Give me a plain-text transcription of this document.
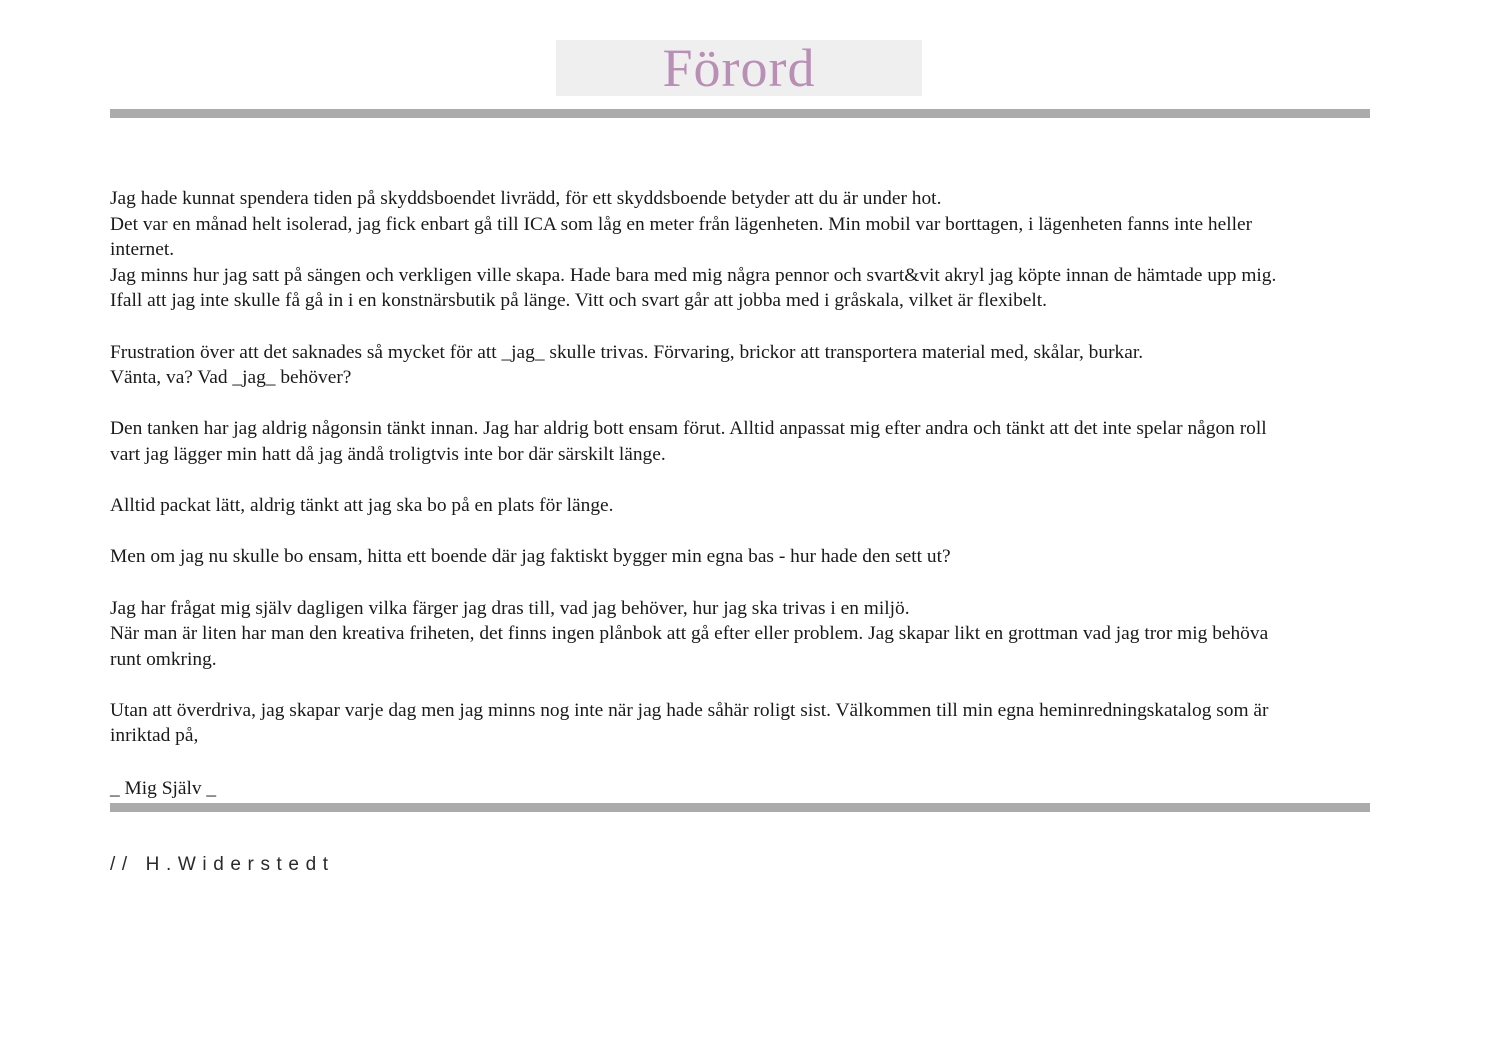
Förord

Jag hade kunnat spendera tiden på skyddsboendet livrädd, för ett skyddsboende betyder att du är under hot.
Det var en månad helt isolerad, jag fick enbart gå till ICA som låg en meter från lägenheten. Min mobil var borttagen, i lägenheten fanns inte heller
internet.
Jag minns hur jag satt på sängen och verkligen ville skapa. Hade bara med mig några pennor och svart&vit akryl jag köpte innan de hämtade upp mig.
Ifall att jag inte skulle få gå in i en konstnärsbutik på länge. Vitt och svart går att jobba med i gråskala, vilket är flexibelt.

Frustration över att det saknades så mycket för att _jag_ skulle trivas. Förvaring, brickor att transportera material med, skålar, burkar.
Vänta, va? Vad _jag_ behöver?

Den tanken har jag aldrig någonsin tänkt innan. Jag har aldrig bott ensam förut. Alltid anpassat mig efter andra och tänkt att det inte spelar någon roll
vart jag lägger min hatt då jag ändå troligtvis inte bor där särskilt länge.

Alltid packat lätt, aldrig tänkt att jag ska bo på en plats för länge.

Men om jag nu skulle bo ensam, hitta ett boende där jag faktiskt bygger min egna bas - hur hade den sett ut?

Jag har frågat mig själv dagligen vilka färger jag dras till, vad jag behöver, hur jag ska trivas i en miljö.
När man är liten har man den kreativa friheten, det finns ingen plånbok att gå efter eller problem. Jag skapar likt en grottman vad jag tror mig behöva
runt omkring.

Utan att överdriva, jag skapar varje dag men jag minns nog inte när jag hade såhär roligt sist. Välkommen till min egna heminredningskatalog som är
inriktad på,

_ Mig Själv _
// H.Widerstedt
